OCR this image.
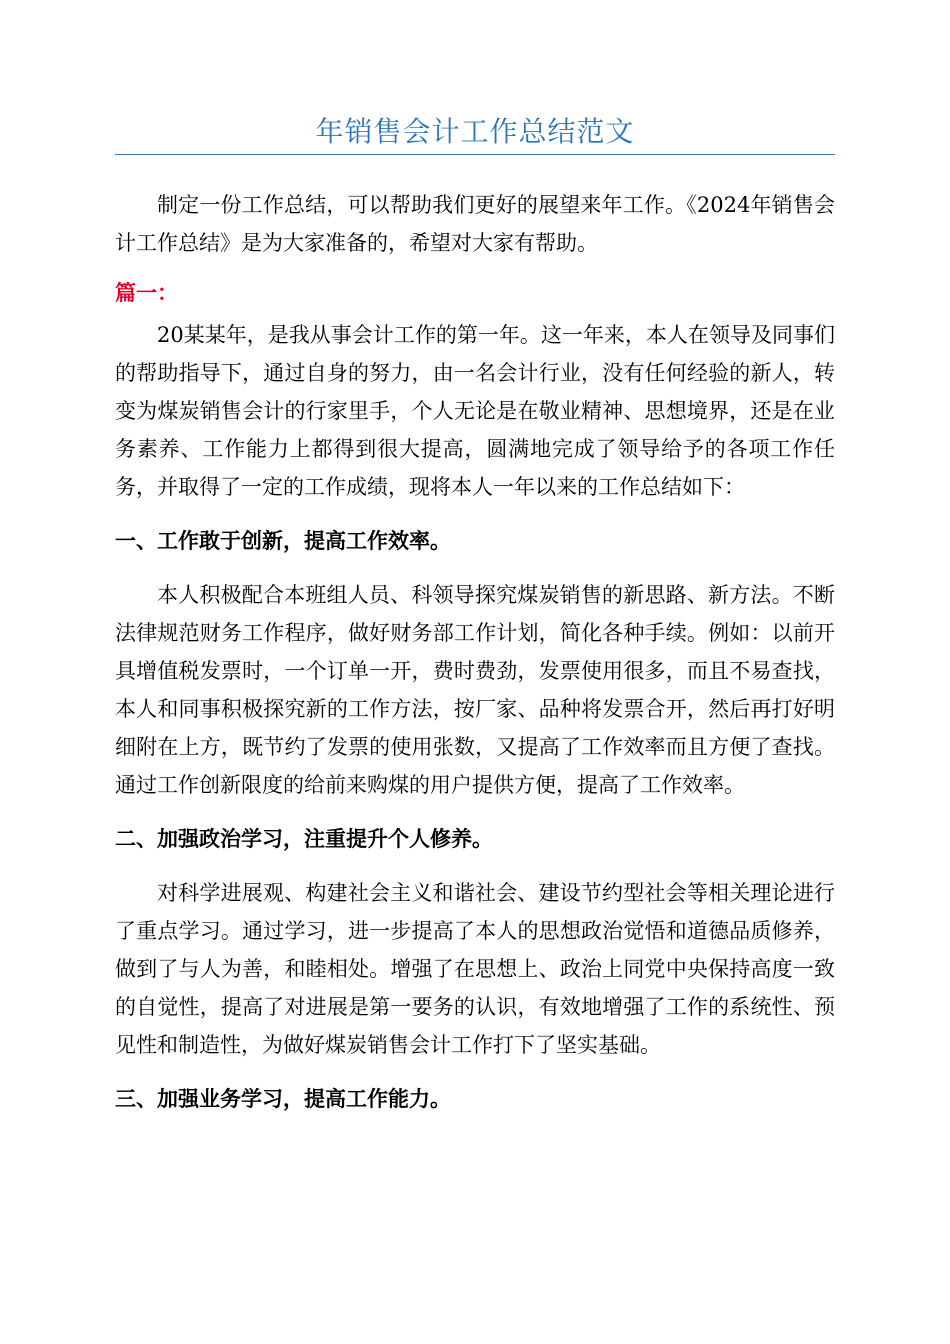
年销售会计工作总结范文

制定一份工作总结，可以帮助我们更好的展望来年工作。《2024年销售会计工作总结》是为大家准备的，希望对大家有帮助。

篇一：

20某某年，是我从事会计工作的第一年。这一年来，本人在领导及同事们的帮助指导下，通过自身的努力，由一名会计行业，没有任何经验的新人，转变为煤炭销售会计的行家里手，个人无论是在敬业精神、思想境界，还是在业务素养、工作能力上都得到很大提高，圆满地完成了领导给予的各项工作任务，并取得了一定的工作成绩，现将本人一年以来的工作总结如下：

一、工作敢于创新，提高工作效率。

本人积极配合本班组人员、科领导探究煤炭销售的新思路、新方法。不断法律规范财务工作程序，做好财务部工作计划，简化各种手续。例如：以前开具增值税发票时，一个订单一开，费时费劲，发票使用很多，而且不易查找，本人和同事积极探究新的工作方法，按厂家、品种将发票合开，然后再打好明细附在上方，既节约了发票的使用张数，又提高了工作效率而且方便了查找。通过工作创新限度的给前来购煤的用户提供方便，提高了工作效率。

二、加强政治学习，注重提升个人修养。

对科学进展观、构建社会主义和谐社会、建设节约型社会等相关理论进行了重点学习。通过学习，进一步提高了本人的思想政治觉悟和道德品质修养，做到了与人为善，和睦相处。增强了在思想上、政治上同党中央保持高度一致的自觉性，提高了对进展是第一要务的认识，有效地增强了工作的系统性、预见性和制造性，为做好煤炭销售会计工作打下了坚实基础。

三、加强业务学习，提高工作能力。
